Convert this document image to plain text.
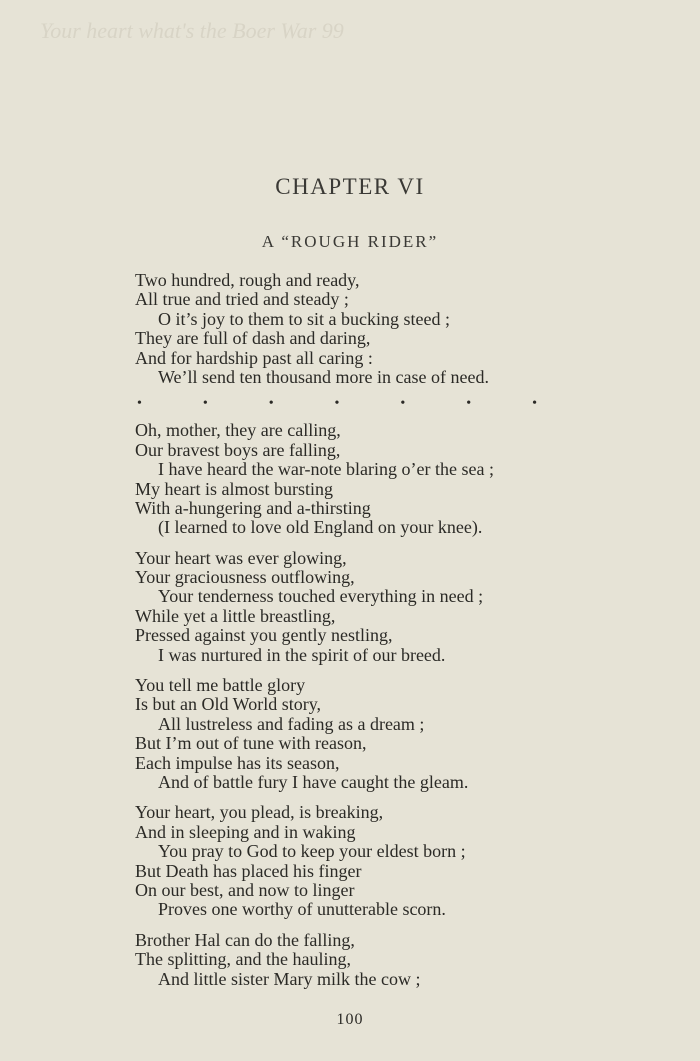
Your heart what's the Boer War 99
CHAPTER VI
A “ROUGH RIDER”
Two hundred, rough and ready,
All true and tried and steady ;
O it’s joy to them to sit a bucking steed ;
They are full of dash and daring,
And for hardship past all caring :
We’ll send ten thousand more in case of need.
•	•	•	•	•	•	•
Oh, mother, they are calling,
Our bravest boys are falling,
I have heard the war-note blaring o’er the sea ;
My heart is almost bursting
With a-hungering and a-thirsting
(I learned to love old England on your knee).
Your heart was ever glowing,
Your graciousness outflowing,
Your tenderness touched everything in need ;
While yet a little breastling,
Pressed against you gently nestling,
I was nurtured in the spirit of our breed.
You tell me battle glory
Is but an Old World story,
All lustreless and fading as a dream ;
But I’m out of tune with reason,
Each impulse has its season,
And of battle fury I have caught the gleam.
Your heart, you plead, is breaking,
And in sleeping and in waking
You pray to God to keep your eldest born ;
But Death has placed his finger
On our best, and now to linger
Proves one worthy of unutterable scorn.
Brother Hal can do the falling,
The splitting, and the hauling,
And little sister Mary milk the cow ;
100
